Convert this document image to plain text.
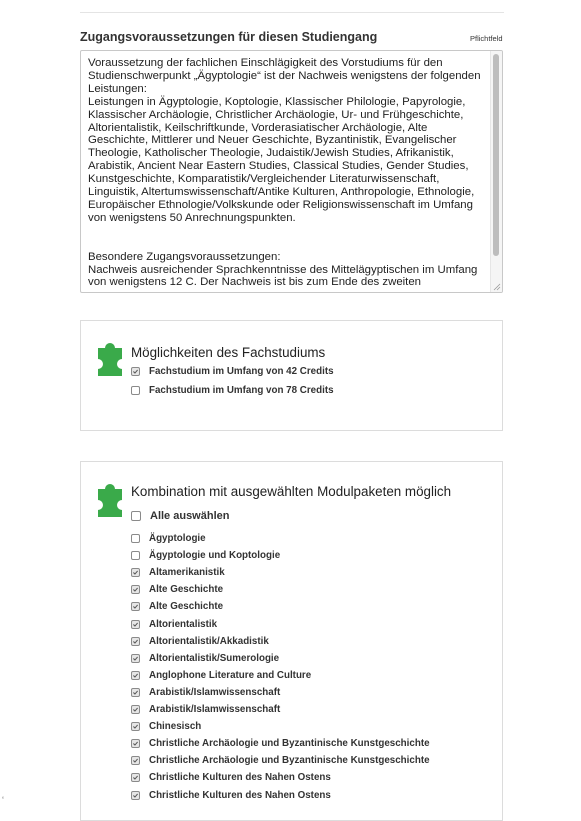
Zugangsvoraussetzungen für diesen Studiengang	Pflichtfeld
Voraussetzung der fachlichen Einschlägigkeit des Vorstudiums für den Studienschwerpunkt „Ägyptologie“ ist der Nachweis wenigstens der folgenden Leistungen:
Leistungen in Ägyptologie, Koptologie, Klassischer Philologie, Papyrologie, Klassischer Archäologie, Christlicher Archäologie, Ur- und Frühgeschichte, Altorientalistik, Keilschriftkunde, Vorderasiatischer Archäologie, Alte Geschichte, Mittlerer und Neuer Geschichte, Byzantinistik, Evangelischer Theologie, Katholischer Theologie, Judaistik/Jewish Studies, Afrikanistik, Arabistik, Ancient Near Eastern Studies, Classical Studies, Gender Studies, Kunstgeschichte, Komparatistik/Vergleichender Literaturwissenschaft, Linguistik, Altertumswissenschaft/Antike Kulturen, Anthropologie, Ethnologie, Europäischer Ethnologie/Volkskunde oder Religionswissenschaft im Umfang von wenigstens 50 Anrechnungspunkten.

Besondere Zugangsvoraussetzungen:
Nachweis ausreichender Sprachkenntnisse des Mittelägyptischen im Umfang von wenigstens 12 C. Der Nachweis ist bis zum Ende des zweiten
Möglichkeiten des Fachstudiums
Fachstudium im Umfang von 42 Credits
Fachstudium im Umfang von 78 Credits
Kombination mit ausgewählten Modulpaketen möglich
Alle auswählen
Ägyptologie
Ägyptologie und Koptologie
Altamerikanistik
Alte Geschichte
Alte Geschichte
Altorientalistik
Altorientalistik/Akkadistik
Altorientalistik/Sumerologie
Anglophone Literature and Culture
Arabistik/Islamwissenschaft
Arabistik/Islamwissenschaft
Chinesisch
Christliche Archäologie und Byzantinische Kunstgeschichte
Christliche Archäologie und Byzantinische Kunstgeschichte
Christliche Kulturen des Nahen Ostens
Christliche Kulturen des Nahen Ostens
‘
